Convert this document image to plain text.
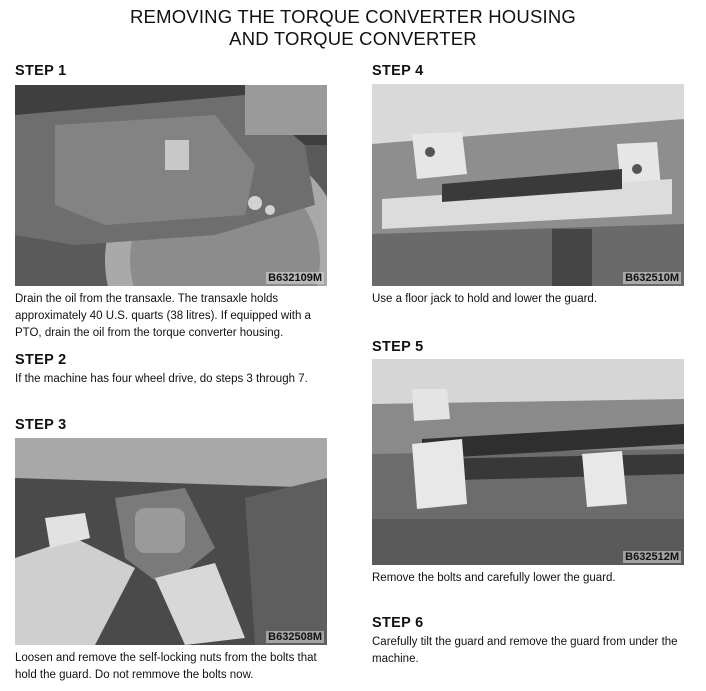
REMOVING THE TORQUE CONVERTER HOUSING
AND TORQUE CONVERTER
STEP 1
B632109M
Drain the oil from the transaxle. The transaxle holds approximately 40 U.S. quarts (38 litres). If equipped with a PTO, drain the oil from the torque converter housing.
STEP 2
If the machine has four wheel drive, do steps 3 through 7.
STEP 3
B632508M
Loosen and remove the self-locking nuts from the bolts that hold the guard. Do not remmove the bolts now.
STEP 4
B632510M
Use a floor jack to hold and lower the guard.
STEP 5
B632512M
Remove the bolts and carefully lower the guard.
STEP 6
Carefully tilt the guard and remove the guard from under the machine.
